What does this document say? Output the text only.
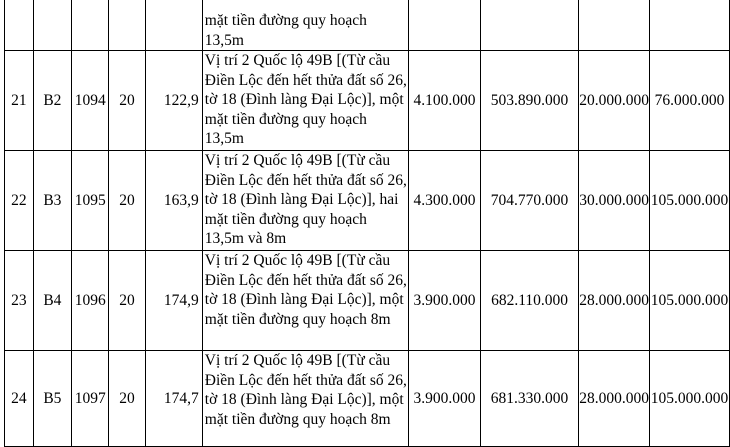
					mặt tiền đường quy hoạch
13,5m				

21	B2	1094	20	122,9	Vị trí 2 Quốc lộ 49B [(Từ cầu
Điền Lộc đến hết thửa đất số 26,
tờ 18 (Đình làng Đại Lộc)], một
mặt tiền đường quy hoạch
13,5m	4.100.000	503.890.000	20.000.000	76.000.000
22	B3	1095	20	163,9	Vị trí 2 Quốc lộ 49B [(Từ cầu
Điền Lộc đến hết thửa đất số 26,
tờ 18 (Đình làng Đại Lộc)], hai
mặt tiền đường quy hoạch
13,5m và 8m	4.300.000	704.770.000	30.000.000	105.000.000
23	B4	1096	20	174,9	Vị trí 2 Quốc lộ 49B [(Từ cầu
Điền Lộc đến hết thửa đất số 26,
tờ 18 (Đình làng Đại Lộc)], một
mặt tiền đường quy hoạch 8m	3.900.000	682.110.000	28.000.000	105.000.000
24	B5	1097	20	174,7	Vị trí 2 Quốc lộ 49B [(Từ cầu
Điền Lộc đến hết thửa đất số 26,
tờ 18 (Đình làng Đại Lộc)], một
mặt tiền đường quy hoạch 8m	3.900.000	681.330.000	28.000.000	105.000.000
